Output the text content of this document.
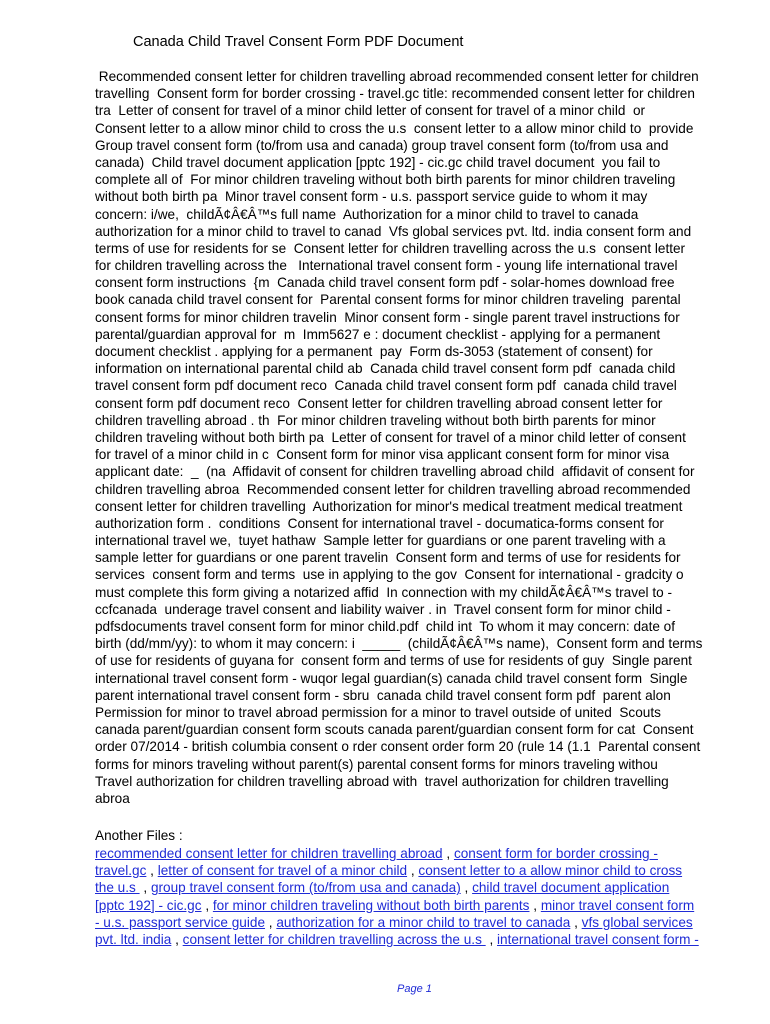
Canada Child Travel Consent Form PDF Document
Recommended consent letter for children travelling abroad recommended consent letter for children
travelling  Consent form for border crossing - travel.gc title: recommended consent letter for children
tra  Letter of consent for travel of a minor child letter of consent for travel of a minor child  or
Consent letter to a allow minor child to cross the u.s  consent letter to a allow minor child to  provide
Group travel consent form (to/from usa and canada) group travel consent form (to/from usa and
canada)  Child travel document application [pptc 192] - cic.gc child travel document  you fail to
complete all of  For minor children traveling without both birth parents for minor children traveling
without both birth pa  Minor travel consent form - u.s. passport service guide to whom it may
concern: i/we,  childÃ¢Â€Â™s full name  Authorization for a minor child to travel to canada
authorization for a minor child to travel to canad  Vfs global services pvt. ltd. india consent form and
terms of use for residents for se  Consent letter for children travelling across the u.s  consent letter
for children travelling across the   International travel consent form - young life international travel
consent form instructions  {m  Canada child travel consent form pdf - solar-homes download free
book canada child travel consent for  Parental consent forms for minor children traveling  parental
consent forms for minor children travelin  Minor consent form - single parent travel instructions for
parental/guardian approval for  m  Imm5627 e : document checklist - applying for a permanent
document checklist . applying for a permanent  pay  Form ds-3053 (statement of consent) for
information on international parental child ab  Canada child travel consent form pdf  canada child
travel consent form pdf document reco  Canada child travel consent form pdf  canada child travel
consent form pdf document reco  Consent letter for children travelling abroad consent letter for
children travelling abroad . th  For minor children traveling without both birth parents for minor
children traveling without both birth pa  Letter of consent for travel of a minor child letter of consent
for travel of a minor child in c  Consent form for minor visa applicant consent form for minor visa
applicant date:  _  (na  Affidavit of consent for children travelling abroad child  affidavit of consent for
children travelling abroa  Recommended consent letter for children travelling abroad recommended
consent letter for children travelling  Authorization for minor's medical treatment medical treatment
authorization form .  conditions  Consent for international travel - documatica-forms consent for
international travel we,  tuyet hathaw  Sample letter for guardians or one parent traveling with a
sample letter for guardians or one parent travelin  Consent form and terms of use for residents for
services  consent form and terms  use in applying to the gov  Consent for international - gradcity o
must complete this form giving a notarized affid  In connection with my childÃ¢Â€Â™s travel to -
ccfcanada  underage travel consent and liability waiver . in  Travel consent form for minor child -
pdfsdocuments travel consent form for minor child.pdf  child int  To whom it may concern: date of
birth (dd/mm/yy): to whom it may concern: i  _____  (childÃ¢Â€Â™s name),  Consent form and terms
of use for residents of guyana for  consent form and terms of use for residents of guy  Single parent
international travel consent form - wuqor legal guardian(s) canada child travel consent form  Single
parent international travel consent form - sbru  canada child travel consent form pdf  parent alon
Permission for minor to travel abroad permission for a minor to travel outside of united  Scouts
canada parent/guardian consent form scouts canada parent/guardian consent form for cat  Consent
order 07/2014 - british columbia consent o rder consent order form 20 (rule 14 (1.1  Parental consent
forms for minors traveling without parent(s) parental consent forms for minors traveling withou
Travel authorization for children travelling abroad with  travel authorization for children travelling
abroa
Another Files :
recommended consent letter for children travelling abroad , consent form for border crossing -
travel.gc , letter of consent for travel of a minor child , consent letter to a allow minor child to cross
the u.s  , group travel consent form (to/from usa and canada) , child travel document application
[pptc 192] - cic.gc , for minor children traveling without both birth parents , minor travel consent form
- u.s. passport service guide , authorization for a minor child to travel to canada , vfs global services
pvt. ltd. india , consent letter for children travelling across the u.s  , international travel consent form -
Page 1
